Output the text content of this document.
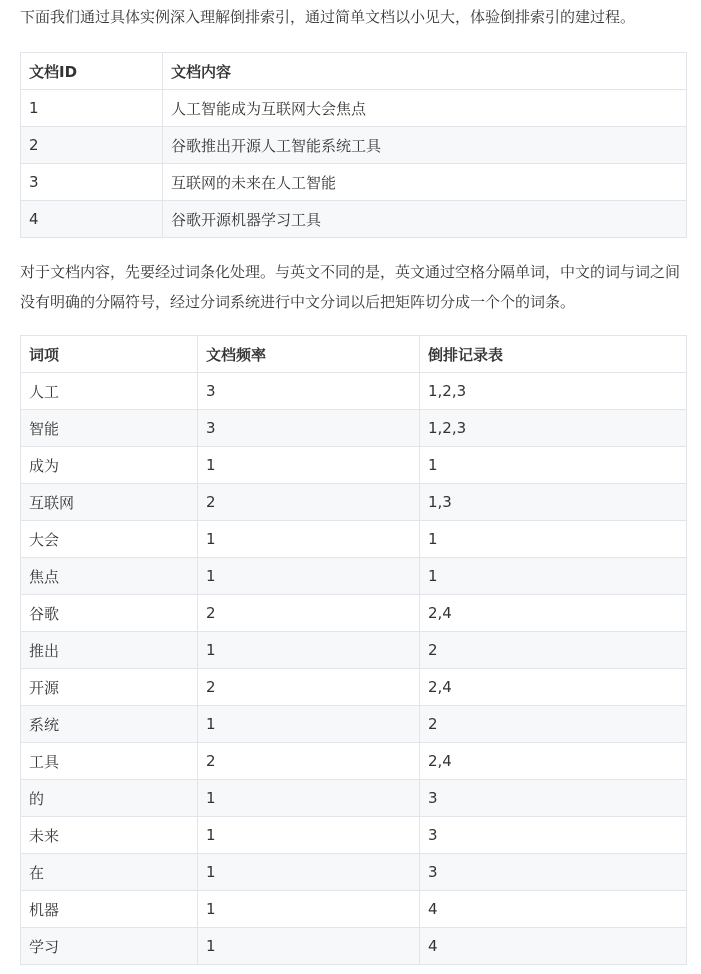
下面我们通过具体实例深入理解倒排索引，通过简单文档以小见大，体验倒排索引的建过程。

文档ID	文档内容
1	人工智能成为互联网大会焦点
2	谷歌推出开源人工智能系统工具
3	互联网的未来在人工智能
4	谷歌开源机器学习工具

对于文档内容，先要经过词条化处理。与英文不同的是，英文通过空格分隔单词，中文的词与词之间没有明确的分隔符号，经过分词系统进行中文分词以后把矩阵切分成一个个的词条。

词项	文档频率	倒排记录表
人工	3	1,2,3
智能	3	1,2,3
成为	1	1
互联网	2	1,3
大会	1	1
焦点	1	1
谷歌	2	2,4
推出	1	2
开源	2	2,4
系统	1	2
工具	2	2,4
的	1	3
未来	1	3
在	1	3
机器	1	4
学习	1	4
